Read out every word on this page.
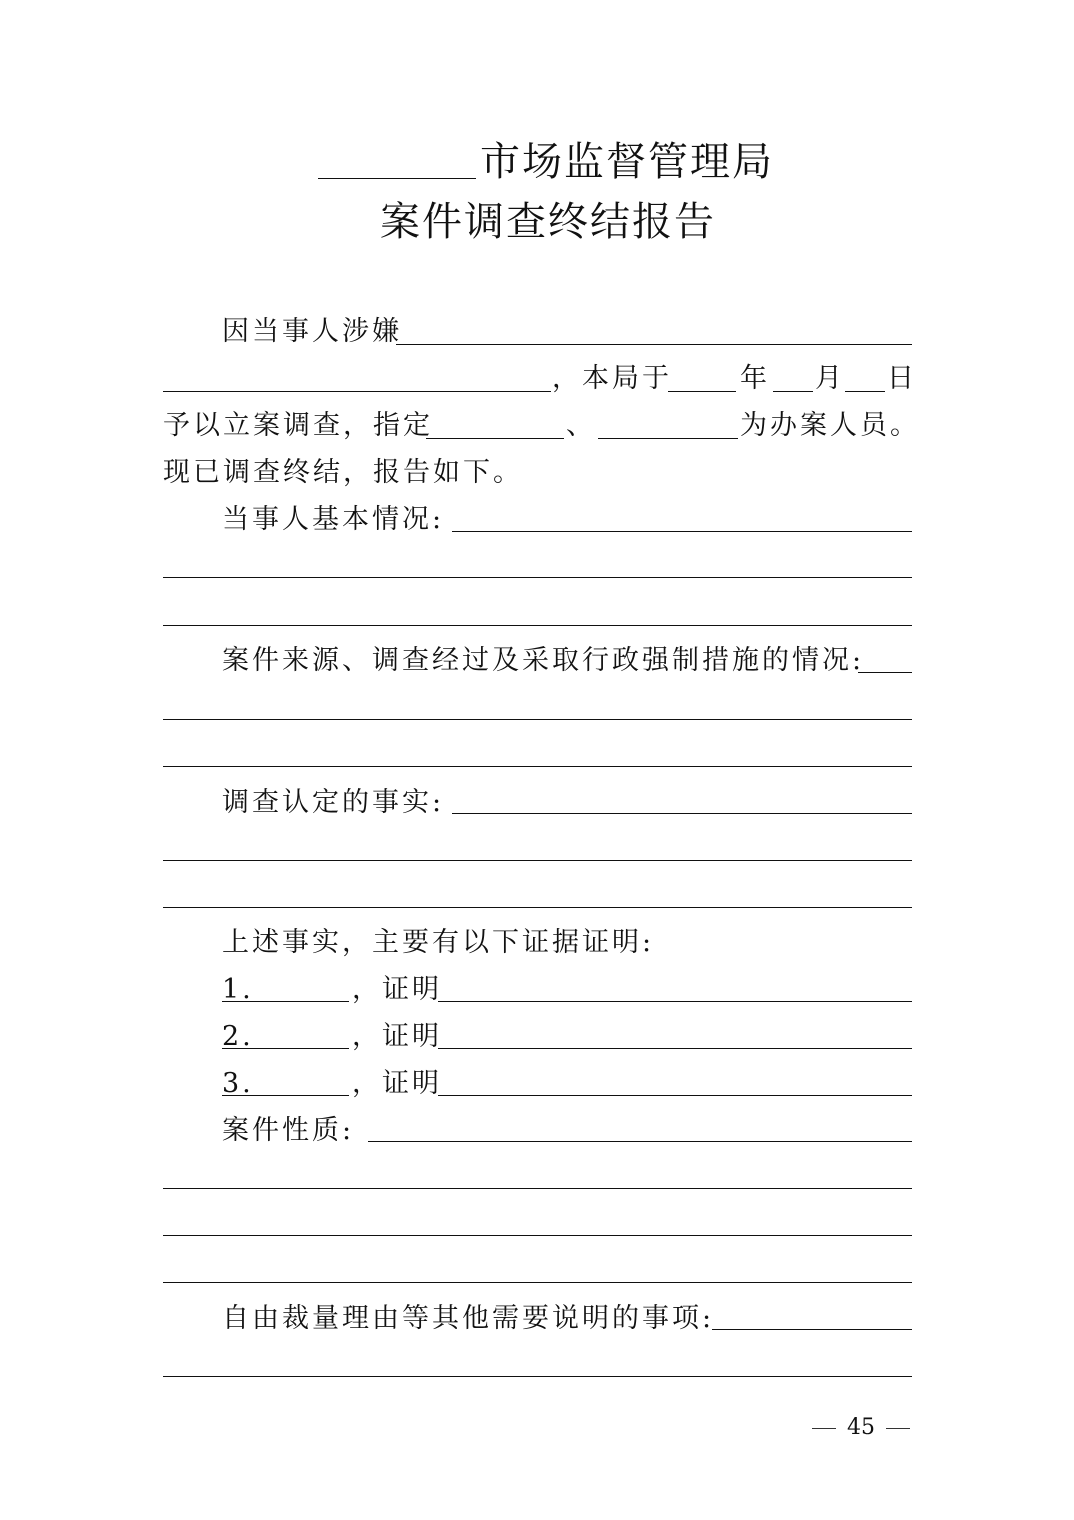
市场监督管理局
案件调查终结报告
因当事人涉嫌
，本局于	年 月 日
予以立案调查，指定	、	为办案人员。
现已调查终结，报告如下。
当事人基本情况:
案件来源、调查经过及采取行政强制措施的情况:
调查认定的事实:
上述事实，主要有以下证据证明:
1.	，证明
2.	，证明
3.	，证明
案件性质:
自由裁量理由等其他需要说明的事项:
45
